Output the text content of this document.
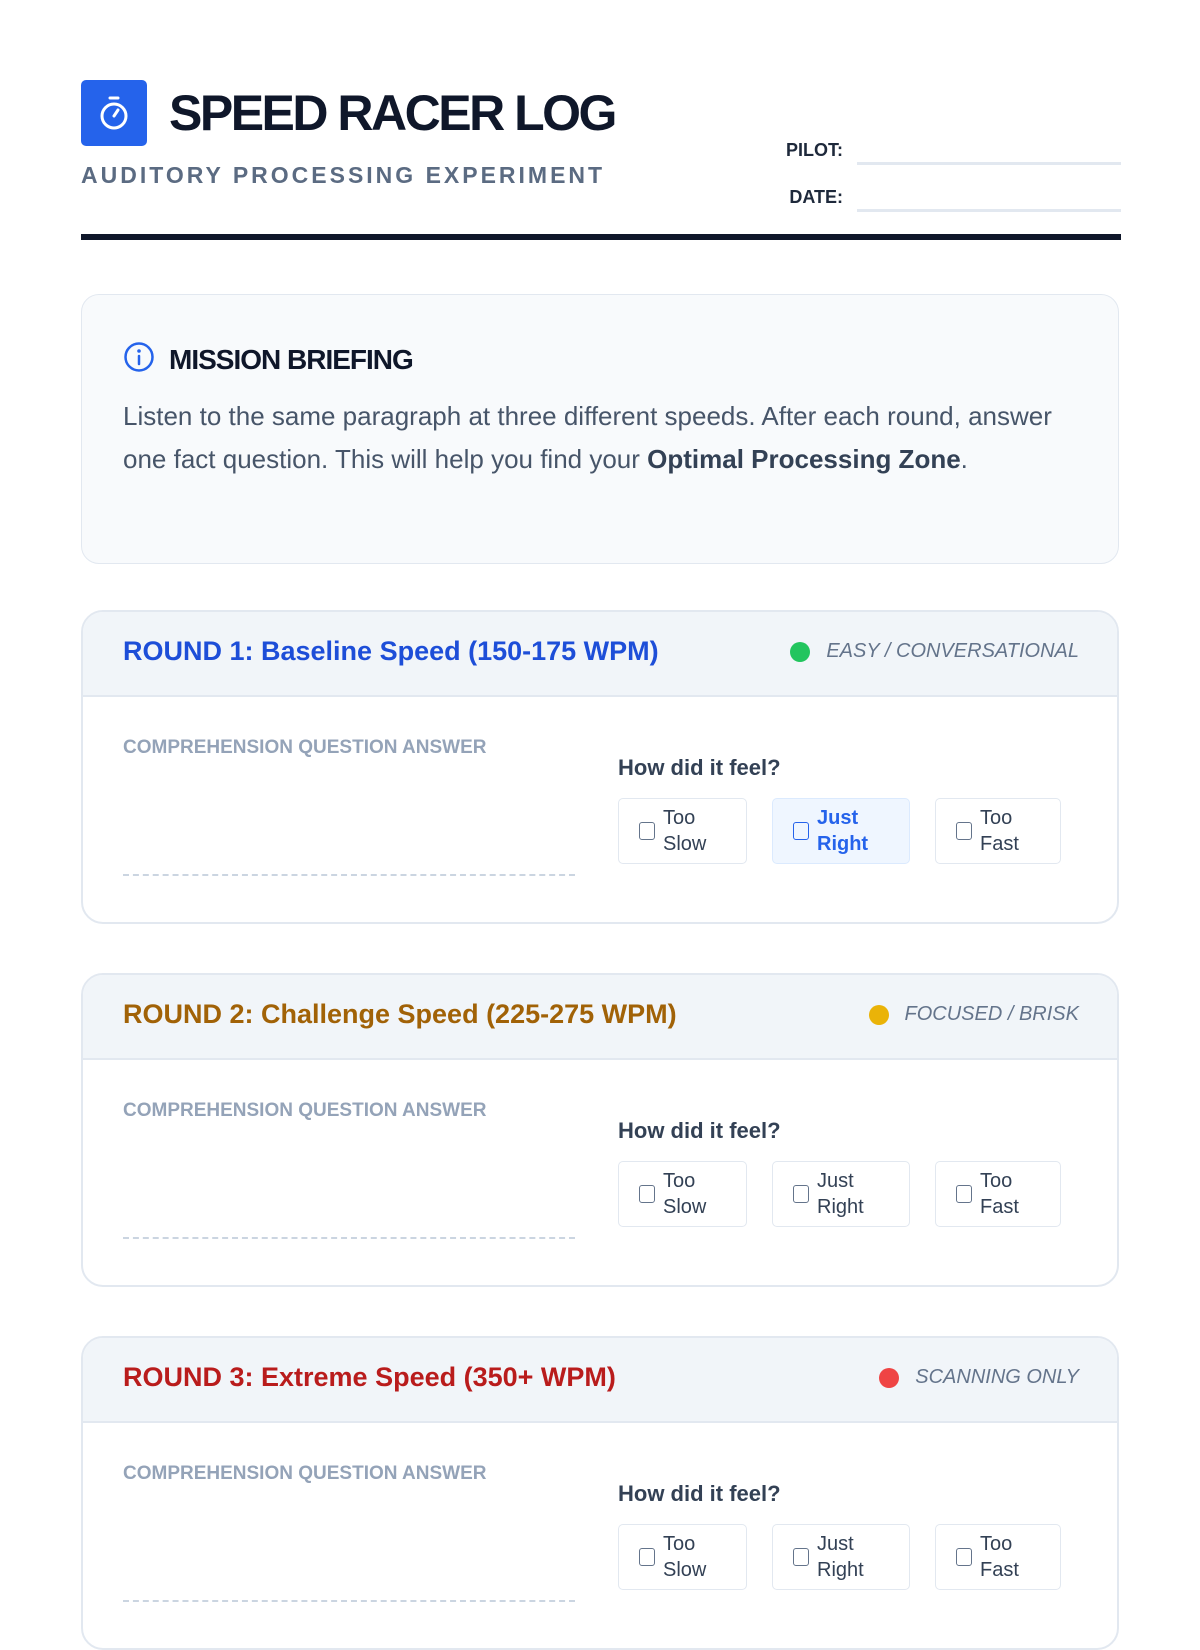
SPEED RACER LOG
AUDITORY PROCESSING EXPERIMENT
PILOT:
DATE:
MISSION BRIEFING
Listen to the same paragraph at three different speeds. After each round, answer one fact question. This will help you find your Optimal Processing Zone.
ROUND 1: Baseline Speed (150-175 WPM)	EASY / CONVERSATIONAL
COMPREHENSION QUESTION ANSWER
How did it feel?
Too Slow
Just Right
Too Fast
ROUND 2: Challenge Speed (225-275 WPM)	FOCUSED / BRISK
COMPREHENSION QUESTION ANSWER
How did it feel?
Too Slow
Just Right
Too Fast
ROUND 3: Extreme Speed (350+ WPM)	SCANNING ONLY
COMPREHENSION QUESTION ANSWER
How did it feel?
Too Slow
Just Right
Too Fast
